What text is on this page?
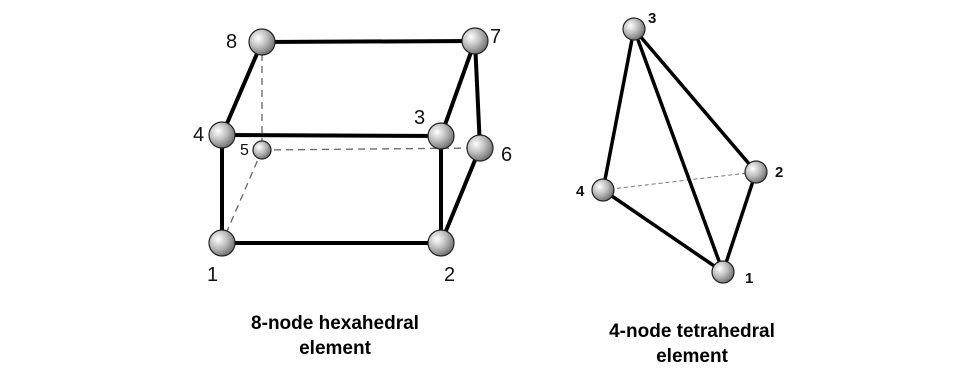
1	2
3
4
5	6
7
8
1
2
3
4
8-node hexahedral
element
4-node tetrahedral
element
